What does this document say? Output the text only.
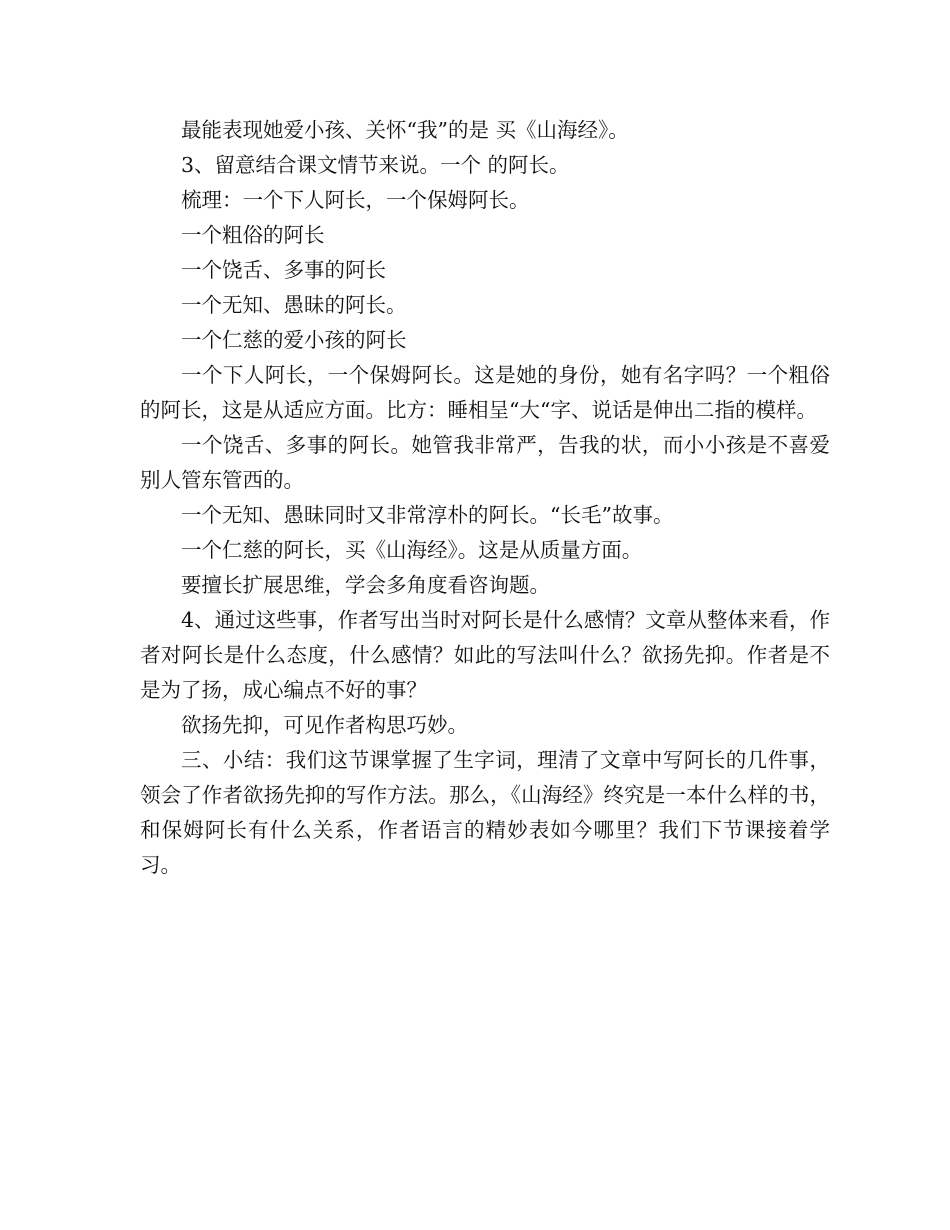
最能表现她爱小孩、关怀“我”的是 买《山海经》。

3、留意结合课文情节来说。一个 的阿长。

梳理：一个下人阿长，一个保姆阿长。

一个粗俗的阿长

一个饶舌、多事的阿长

一个无知、愚昧的阿长。

一个仁慈的爱小孩的阿长

一个下人阿长，一个保姆阿长。这是她的身份，她有名字吗？一个粗俗的阿长，这是从适应方面。比方：睡相呈“大“字、说话是伸出二指的模样。

一个饶舌、多事的阿长。她管我非常严，告我的状，而小小孩是不喜爱别人管东管西的。

一个无知、愚昧同时又非常淳朴的阿长。“长毛”故事。

一个仁慈的阿长，买《山海经》。这是从质量方面。

要擅长扩展思维，学会多角度看咨询题。

4、通过这些事，作者写出当时对阿长是什么感情？文章从整体来看，作者对阿长是什么态度，什么感情？如此的写法叫什么？欲扬先抑。作者是不是为了扬，成心编点不好的事？

欲扬先抑，可见作者构思巧妙。

三、小结：我们这节课掌握了生字词，理清了文章中写阿长的几件事，领会了作者欲扬先抑的写作方法。那么，《山海经》终究是一本什么样的书，和保姆阿长有什么关系，作者语言的精妙表如今哪里？我们下节课接着学习。
